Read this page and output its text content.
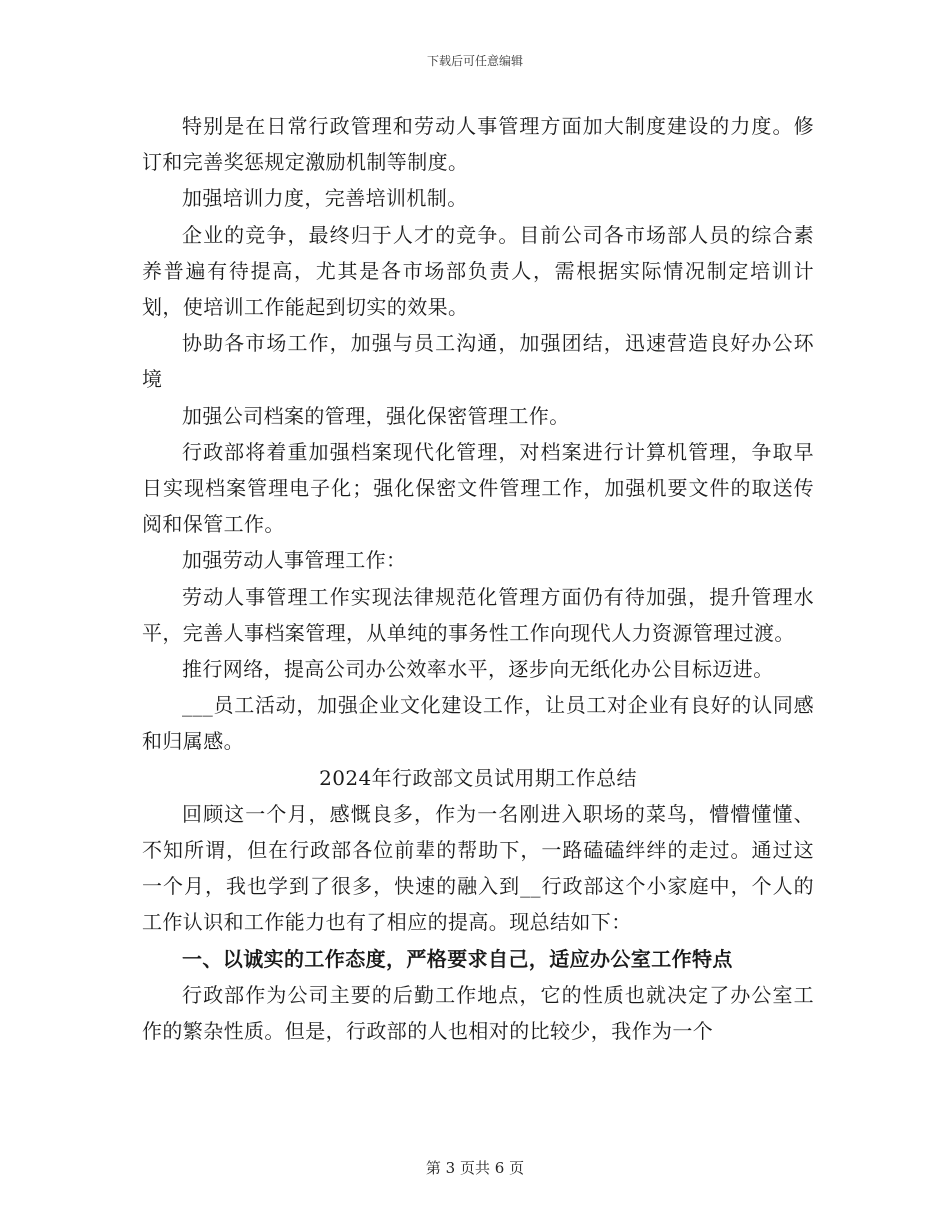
下载后可任意编辑

特别是在日常行政管理和劳动人事管理方面加大制度建设的力度。修订和完善奖惩规定激励机制等制度。

加强培训力度，完善培训机制。

企业的竞争，最终归于人才的竞争。目前公司各市场部人员的综合素养普遍有待提高，尤其是各市场部负责人，需根据实际情况制定培训计划，使培训工作能起到切实的效果。

协助各市场工作，加强与员工沟通，加强团结，迅速营造良好办公环境

加强公司档案的管理，强化保密管理工作。

行政部将着重加强档案现代化管理，对档案进行计算机管理，争取早日实现档案管理电子化；强化保密文件管理工作，加强机要文件的取送传阅和保管工作。

加强劳动人事管理工作：

劳动人事管理工作实现法律规范化管理方面仍有待加强，提升管理水平，完善人事档案管理，从单纯的事务性工作向现代人力资源管理过渡。

推行网络，提高公司办公效率水平，逐步向无纸化办公目标迈进。

___员工活动，加强企业文化建设工作，让员工对企业有良好的认同感和归属感。

2024年行政部文员试用期工作总结

回顾这一个月，感慨良多，作为一名刚进入职场的菜鸟，懵懵懂懂、不知所谓，但在行政部各位前辈的帮助下，一路磕磕绊绊的走过。通过这一个月，我也学到了很多，快速的融入到__行政部这个小家庭中，个人的工作认识和工作能力也有了相应的提高。现总结如下：

一、以诚实的工作态度，严格要求自己，适应办公室工作特点

行政部作为公司主要的后勤工作地点，它的性质也就决定了办公室工作的繁杂性质。但是，行政部的人也相对的比较少，我作为一个

第 3 页共 6 页
